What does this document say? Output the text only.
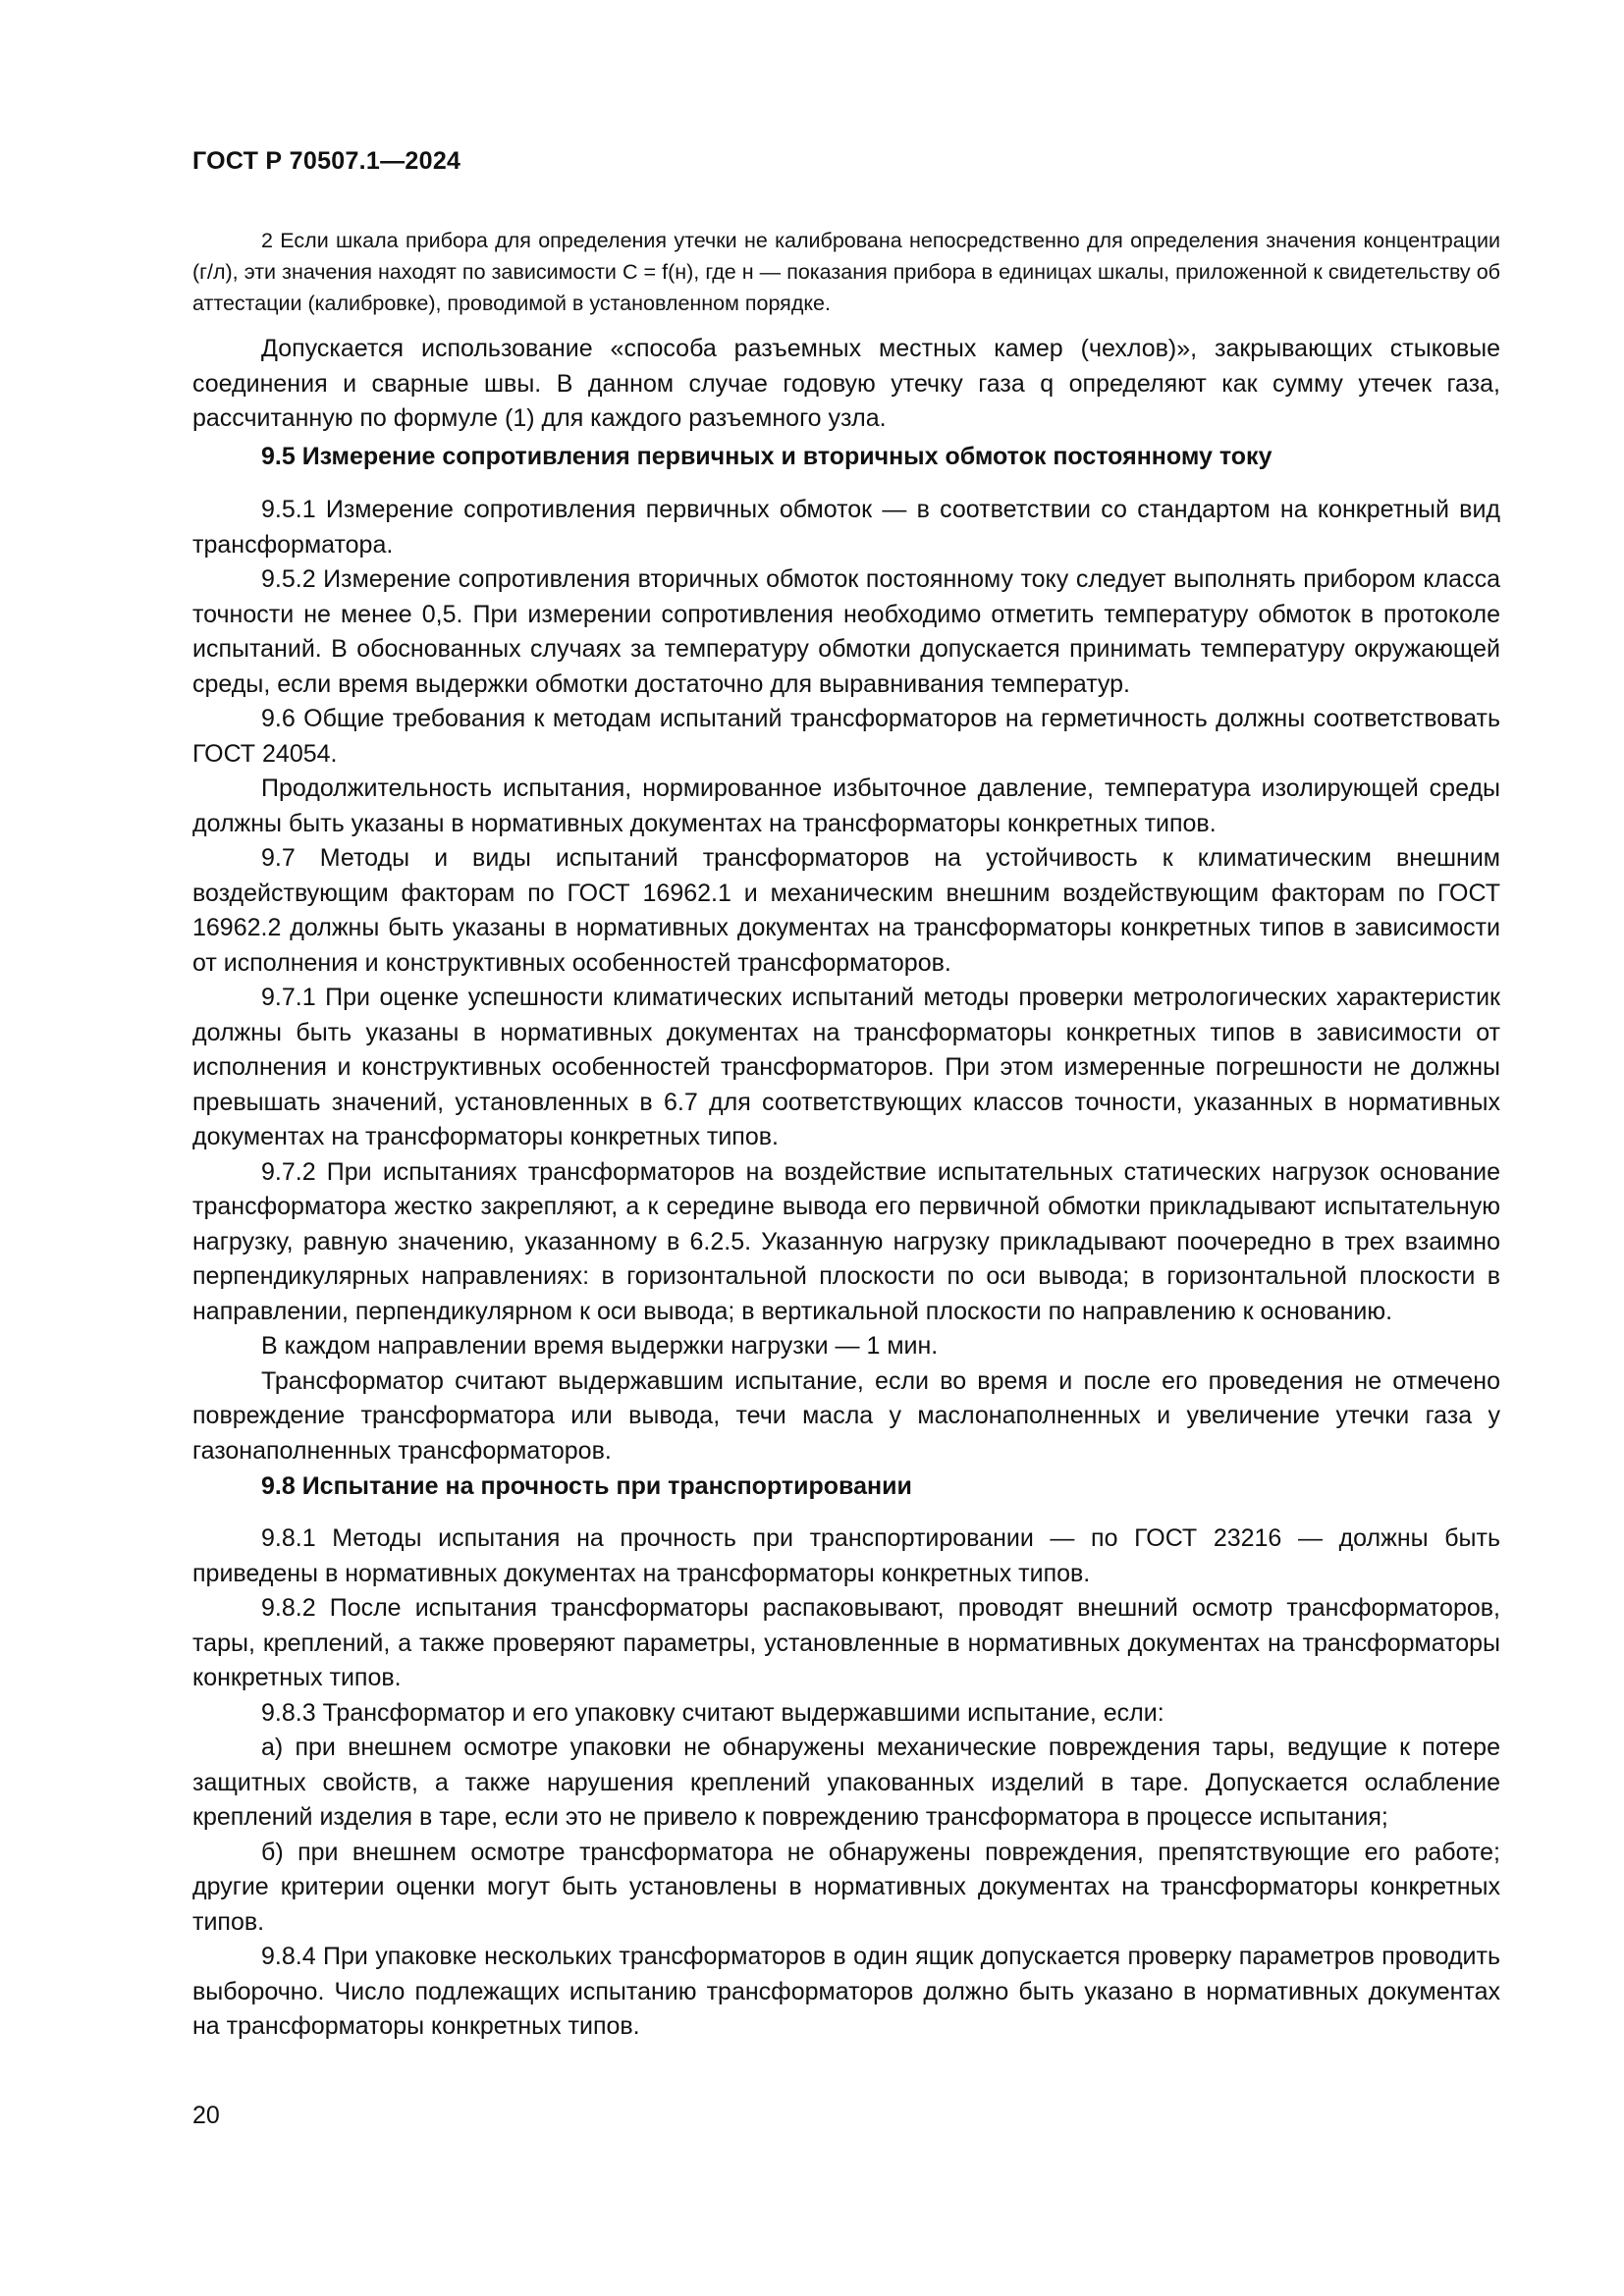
ГОСТ Р 70507.1—2024

2 Если шкала прибора для определения утечки не калибрована непосредственно для определения значения концентрации (г/л), эти значения находят по зависимости C = f(н), где н — показания прибора в единицах шкалы, приложенной к свидетельству об аттестации (калибровке), проводимой в установленном порядке.

Допускается использование «способа разъемных местных камер (чехлов)», закрывающих стыковые соединения и сварные швы. В данном случае годовую утечку газа q определяют как сумму утечек газа, рассчитанную по формуле (1) для каждого разъемного узла.

9.5 Измерение сопротивления первичных и вторичных обмоток постоянному току

9.5.1 Измерение сопротивления первичных обмоток — в соответствии со стандартом на конкретный вид трансформатора.

9.5.2 Измерение сопротивления вторичных обмоток постоянному току следует выполнять прибором класса точности не менее 0,5. При измерении сопротивления необходимо отметить температуру обмоток в протоколе испытаний. В обоснованных случаях за температуру обмотки допускается принимать температуру окружающей среды, если время выдержки обмотки достаточно для выравнивания температур.

9.6 Общие требования к методам испытаний трансформаторов на герметичность должны соответствовать ГОСТ 24054.

Продолжительность испытания, нормированное избыточное давление, температура изолирующей среды должны быть указаны в нормативных документах на трансформаторы конкретных типов.

9.7 Методы и виды испытаний трансформаторов на устойчивость к климатическим внешним воздействующим факторам по ГОСТ 16962.1 и механическим внешним воздействующим факторам по ГОСТ 16962.2 должны быть указаны в нормативных документах на трансформаторы конкретных типов в зависимости от исполнения и конструктивных особенностей трансформаторов.

9.7.1 При оценке успешности климатических испытаний методы проверки метрологических характеристик должны быть указаны в нормативных документах на трансформаторы конкретных типов в зависимости от исполнения и конструктивных особенностей трансформаторов. При этом измеренные погрешности не должны превышать значений, установленных в 6.7 для соответствующих классов точности, указанных в нормативных документах на трансформаторы конкретных типов.

9.7.2 При испытаниях трансформаторов на воздействие испытательных статических нагрузок основание трансформатора жестко закрепляют, а к середине вывода его первичной обмотки прикладывают испытательную нагрузку, равную значению, указанному в 6.2.5. Указанную нагрузку прикладывают поочередно в трех взаимно перпендикулярных направлениях: в горизонтальной плоскости по оси вывода; в горизонтальной плоскости в направлении, перпендикулярном к оси вывода; в вертикальной плоскости по направлению к основанию.

В каждом направлении время выдержки нагрузки — 1 мин.

Трансформатор считают выдержавшим испытание, если во время и после его проведения не отмечено повреждение трансформатора или вывода, течи масла у маслонаполненных и увеличение утечки газа у газонаполненных трансформаторов.

9.8 Испытание на прочность при транспортировании

9.8.1 Методы испытания на прочность при транспортировании — по ГОСТ 23216 — должны быть приведены в нормативных документах на трансформаторы конкретных типов.

9.8.2 После испытания трансформаторы распаковывают, проводят внешний осмотр трансформаторов, тары, креплений, а также проверяют параметры, установленные в нормативных документах на трансформаторы конкретных типов.

9.8.3 Трансформатор и его упаковку считают выдержавшими испытание, если:

а) при внешнем осмотре упаковки не обнаружены механические повреждения тары, ведущие к потере защитных свойств, а также нарушения креплений упакованных изделий в таре. Допускается ослабление креплений изделия в таре, если это не привело к повреждению трансформатора в процессе испытания;

б) при внешнем осмотре трансформатора не обнаружены повреждения, препятствующие его работе; другие критерии оценки могут быть установлены в нормативных документах на трансформаторы конкретных типов.

9.8.4 При упаковке нескольких трансформаторов в один ящик допускается проверку параметров проводить выборочно. Число подлежащих испытанию трансформаторов должно быть указано в нормативных документах на трансформаторы конкретных типов.

20
